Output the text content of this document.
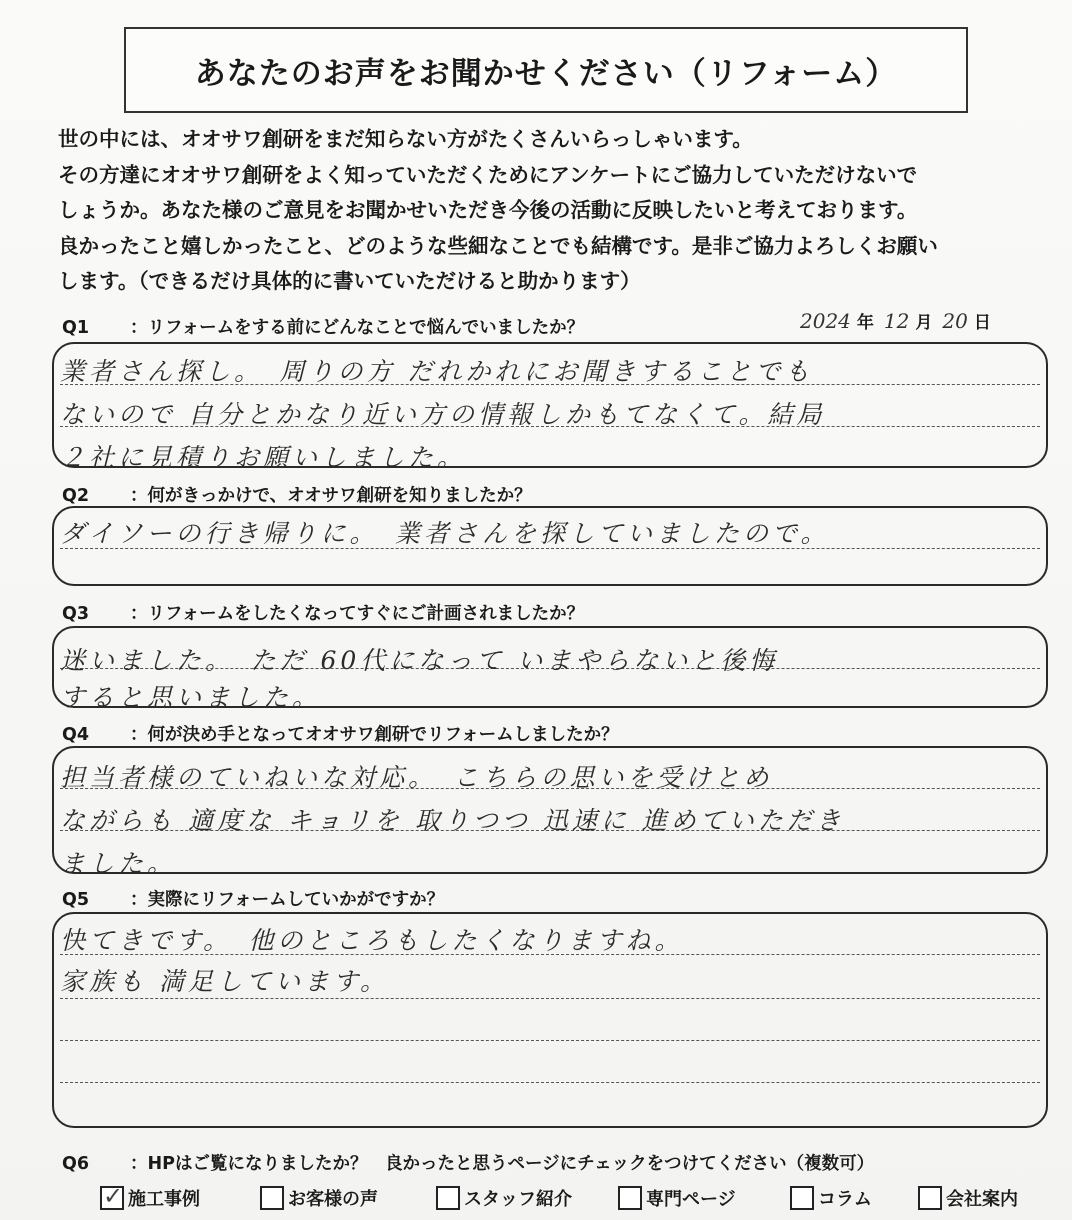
あなたのお声をお聞かせください（リフォーム）
世の中には、オオサワ創研をまだ知らない方がたくさんいらっしゃいます。
その方達にオオサワ創研をよく知っていただくためにアンケートにご協力していただけないで
しょうか。あなた様のご意見をお聞かせいただき今後の活動に反映したいと考えております。
良かったこと嬉しかったこと、どのような些細なことでも結構です。是非ご協力よろしくお願い
します。（できるだけ具体的に書いていただけると助かります）
Q1 ：リフォームをする前にどんなことで悩んでいましたか？	2024 年 12 月 20 日
業者さん探し。　周りの方 だれかれにお聞きすることでも
ないので 自分とかなり近い方の情報しかもてなくて。結局
２社に見積りお願いしました。
Q2 ：何がきっかけで、オオサワ創研を知りましたか？
ダイソーの行き帰りに。　業者さんを探していましたので。
Q3 ：リフォームをしたくなってすぐにご計画されましたか？
迷いました。　ただ 60代になって いまやらないと後悔
すると思いました。
Q4 ：何が決め手となってオオサワ創研でリフォームしましたか？
担当者様のていねいな対応。　こちらの思いを受けとめ
ながらも 適度な キョリを 取りつつ 迅速に 進めていただき
ました。
Q5 ：実際にリフォームしていかがですか？
快てきです。　他のところもしたくなりますね。
家族も 満足しています。
Q6 ：HPはご覧になりましたか？　良かったと思うページにチェックをつけてください（複数可）
✓ 施工事例	お客様の声	スタッフ紹介	専門ページ	コラム	会社案内
